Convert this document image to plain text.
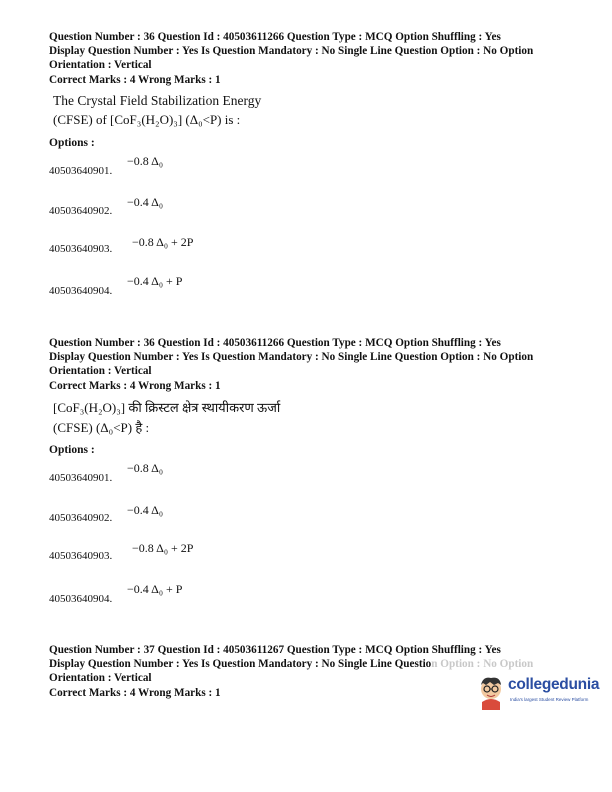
Question Number : 36 Question Id : 40503611266 Question Type : MCQ Option Shuffling : Yes
Display Question Number : Yes Is Question Mandatory : No Single Line Question Option : No Option
Orientation : Vertical
Correct Marks : 4 Wrong Marks : 1
The Crystal Field Stabilization Energy
(CFSE) of [CoF₃(H₂O)₃] (Δ₀<P) is :
Options :
−0.8 Δ₀
40503640901.
−0.4 Δ₀
40503640902.
−0.8 Δ₀ + 2P
40503640903.
−0.4 Δ₀ + P
40503640904.
Question Number : 36 Question Id : 40503611266 Question Type : MCQ Option Shuffling : Yes
Display Question Number : Yes Is Question Mandatory : No Single Line Question Option : No Option
Orientation : Vertical
Correct Marks : 4 Wrong Marks : 1
[CoF₃(H₂O)₃] की क्रिस्टल क्षेत्र स्थायीकरण ऊर्जा
(CFSE) (Δ₀<P) है :
Options :
−0.8 Δ₀
40503640901.
−0.4 Δ₀
40503640902.
−0.8 Δ₀ + 2P
40503640903.
−0.4 Δ₀ + P
40503640904.
Question Number : 37 Question Id : 40503611267 Question Type : MCQ Option Shuffling : Yes
Display Question Number : Yes Is Question Mandatory : No Single Line Question Option : No Option
Orientation : Vertical
Correct Marks : 4 Wrong Marks : 1	collegedunia
India's largest Student Review Platform
